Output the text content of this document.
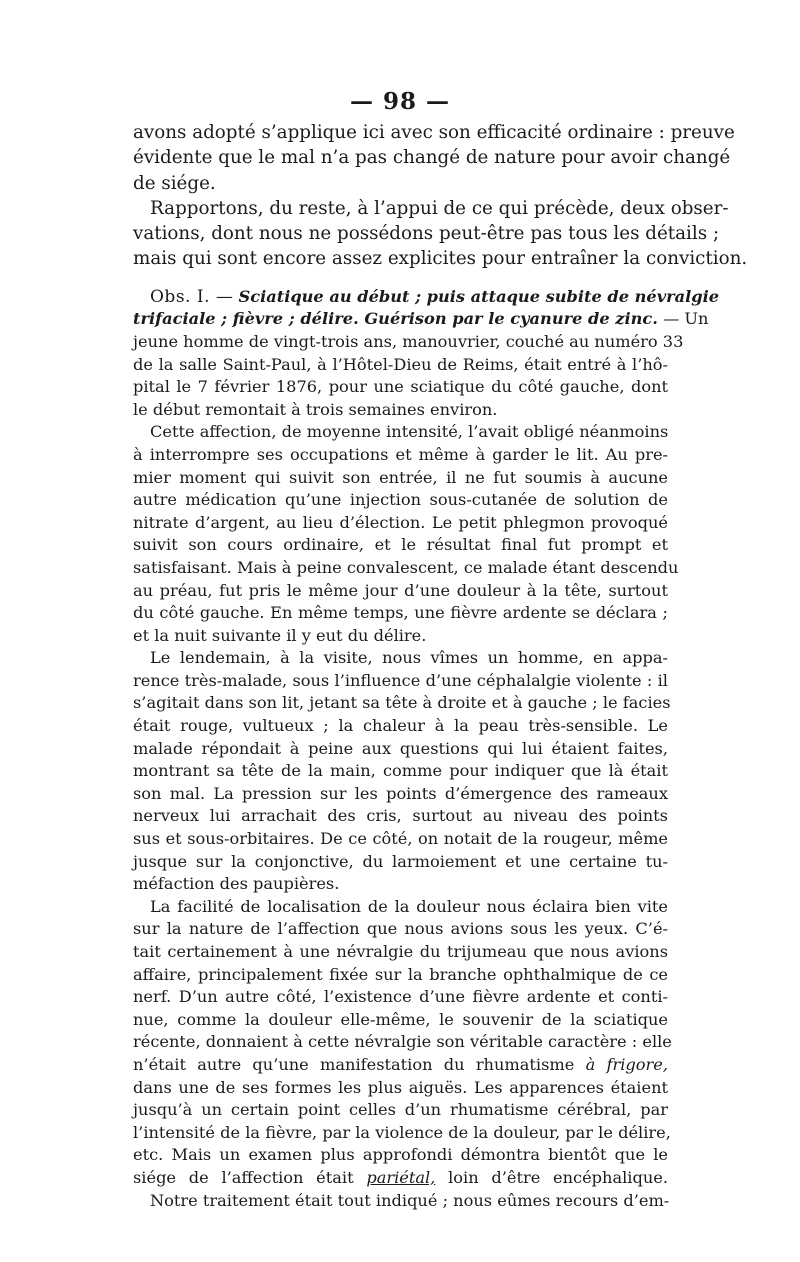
— 98 —
avons adopté s’applique ici avec son efficacité ordinaire : preuve
évidente que le mal n’a pas changé de nature pour avoir changé
de siége.
Rapportons, du reste, à l’appui de ce qui précède, deux obser-
vations, dont nous ne possédons peut-être pas tous les détails ;
mais qui sont encore assez explicites pour entraîner la conviction.
Obs. I. — Sciatique au début ; puis attaque subite de névralgie
trifaciale ; fièvre ; délire. Guérison par le cyanure de zinc. — Un
jeune homme de vingt-trois ans, manouvrier, couché au numéro 33
de la salle Saint-Paul, à l’Hôtel-Dieu de Reims, était entré à l’hô-
pital le 7 février 1876, pour une sciatique du côté gauche, dont
le début remontait à trois semaines environ.
Cette affection, de moyenne intensité, l’avait obligé néanmoins
à interrompre ses occupations et même à garder le lit. Au pre-
mier moment qui suivit son entrée, il ne fut soumis à aucune
autre médication qu’une injection sous-cutanée de solution de
nitrate d’argent, au lieu d’élection. Le petit phlegmon provoqué
suivit son cours ordinaire, et le résultat final fut prompt et
satisfaisant. Mais à peine convalescent, ce malade étant descendu
au préau, fut pris le même jour d’une douleur à la tête, surtout
du côté gauche. En même temps, une fièvre ardente se déclara ;
et la nuit suivante il y eut du délire.
Le lendemain, à la visite, nous vîmes un homme, en appa-
rence très-malade, sous l’influence d’une céphalalgie violente : il
s’agitait dans son lit, jetant sa tête à droite et à gauche ; le facies
était rouge, vultueux ; la chaleur à la peau très-sensible. Le
malade répondait à peine aux questions qui lui étaient faites,
montrant sa tête de la main, comme pour indiquer que là était
son mal. La pression sur les points d’émergence des rameaux
nerveux lui arrachait des cris, surtout au niveau des points
sus et sous-orbitaires. De ce côté, on notait de la rougeur, même
jusque sur la conjonctive, du larmoiement et une certaine tu-
méfaction des paupières.
La facilité de localisation de la douleur nous éclaira bien vite
sur la nature de l’affection que nous avions sous les yeux. C’é-
tait certainement à une névralgie du trijumeau que nous avions
affaire, principalement fixée sur la branche ophthalmique de ce
nerf. D’un autre côté, l’existence d’une fièvre ardente et conti-
nue, comme la douleur elle-même, le souvenir de la sciatique
récente, donnaient à cette névralgie son véritable caractère : elle
n’était autre qu’une manifestation du rhumatisme à frigore,
dans une de ses formes les plus aiguës. Les apparences étaient
jusqu’à un certain point celles d’un rhumatisme cérébral, par
l’intensité de la fièvre, par la violence de la douleur, par le délire,
etc. Mais un examen plus approfondi démontra bientôt que le
siége de l’affection était pariétal, loin d’être encéphalique.
Notre traitement était tout indiqué ; nous eûmes recours d’em-
